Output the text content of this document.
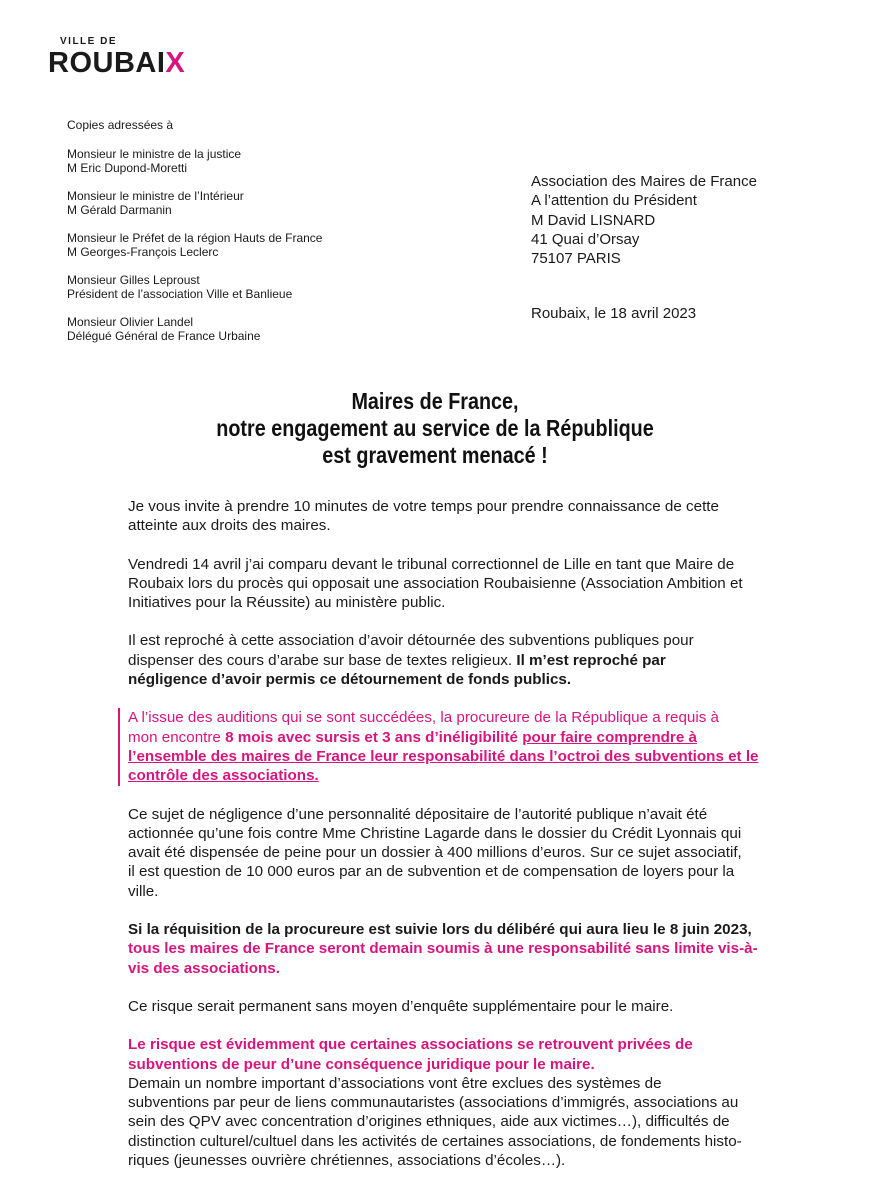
VILLE DE
ROUBAIX
Copies adressées à
Monsieur le ministre de la justice
M Eric Dupond-Moretti
Monsieur le ministre de l’Intérieur
M Gérald Darmanin
Monsieur le Préfet de la région Hauts de France
M Georges-François Leclerc
Monsieur Gilles Leproust
Président de l’association Ville et Banlieue
Monsieur Olivier Landel
Délégué Général de France Urbaine
Association des Maires de France
A l’attention du Président
M David LISNARD
41 Quai d’Orsay
75107 PARIS
Roubaix, le 18 avril 2023
Maires de France,
notre engagement au service de la République
est gravement menacé !
Je vous invite à prendre 10 minutes de votre temps pour prendre connaissance de cette
atteinte aux droits des maires.
Vendredi 14 avril j’ai comparu devant le tribunal correctionnel de Lille en tant que Maire de
Roubaix lors du procès qui opposait une association Roubaisienne (Association Ambition et
Initiatives pour la Réussite) au ministère public.
Il est reproché à cette association d’avoir détournée des subventions publiques pour
dispenser des cours d’arabe sur base de textes religieux. Il m’est reproché par
négligence d’avoir permis ce détournement de fonds publics.
A l’issue des auditions qui se sont succédées, la procureure de la République a requis à
mon encontre 8 mois avec sursis et 3 ans d’inéligibilité pour faire comprendre à
l’ensemble des maires de France leur responsabilité dans l’octroi des subventions et le
contrôle des associations.
Ce sujet de négligence d’une personnalité dépositaire de l’autorité publique n’avait été
actionnée qu’une fois contre Mme Christine Lagarde dans le dossier du Crédit Lyonnais qui
avait été dispensée de peine pour un dossier à 400 millions d’euros. Sur ce sujet associatif,
il est question de 10 000 euros par an de subvention et de compensation de loyers pour la
ville.
Si la réquisition de la procureure est suivie lors du délibéré qui aura lieu le 8 juin 2023,
tous les maires de France seront demain soumis à une responsabilité sans limite vis-à-
vis des associations.
Ce risque serait permanent sans moyen d’enquête supplémentaire pour le maire.
Le risque est évidemment que certaines associations se retrouvent privées de
subventions de peur d’une conséquence juridique pour le maire.
Demain un nombre important d’associations vont être exclues des systèmes de
subventions par peur de liens communautaristes (associations d’immigrés, associations au
sein des QPV avec concentration d’origines ethniques, aide aux victimes…), difficultés de
distinction culturel/cultuel dans les activités de certaines associations, de fondements histo-
riques (jeunesses ouvrière chrétiennes, associations d’écoles…).
